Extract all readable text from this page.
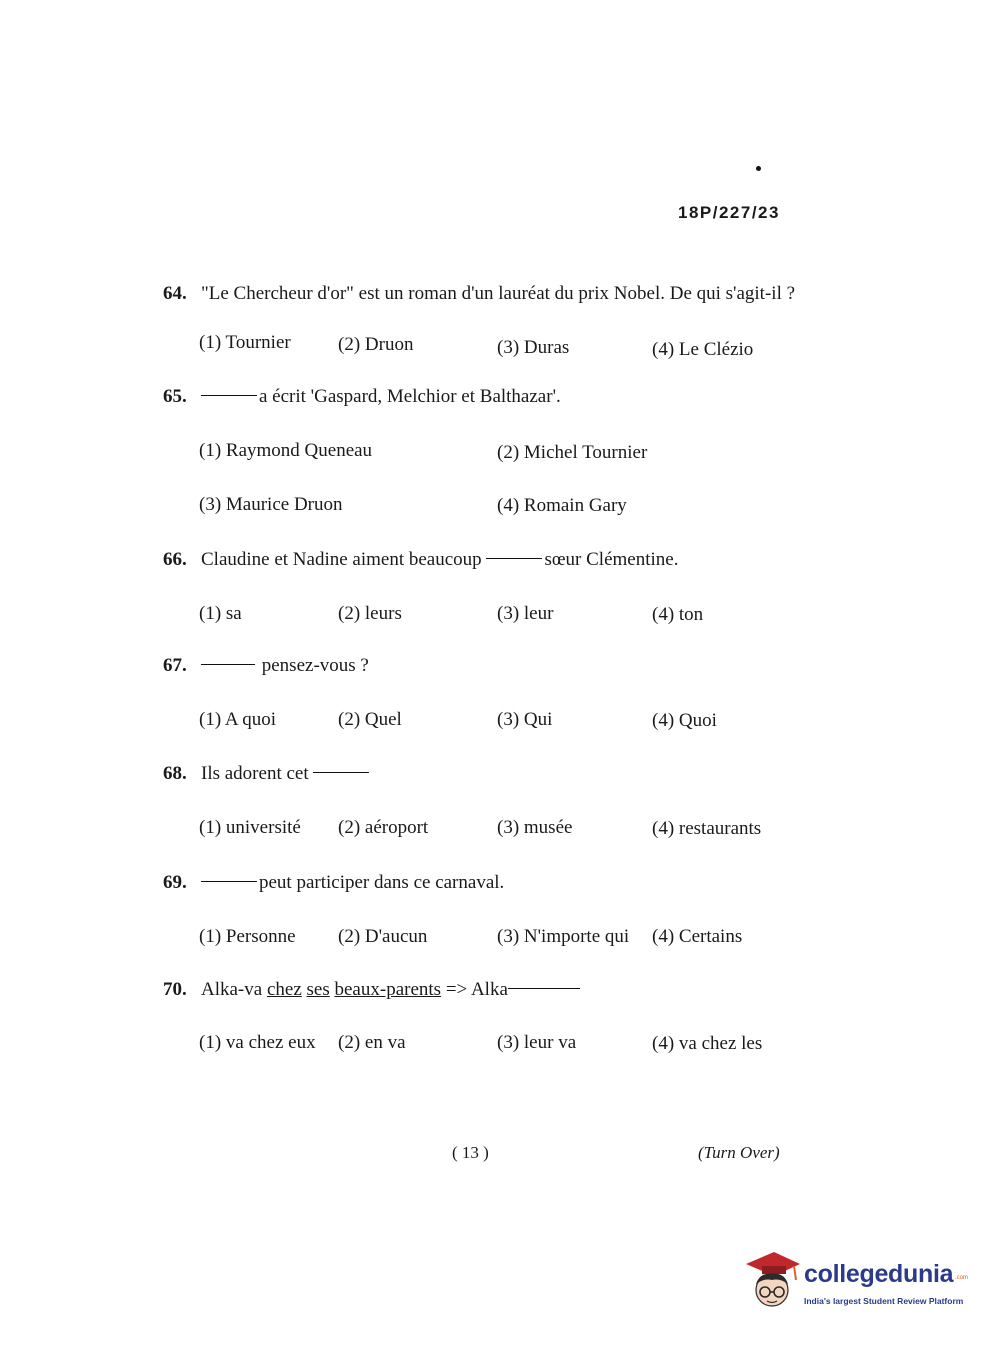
18P/227/23
64. "Le Chercheur d'or" est un roman d'un lauréat du prix Nobel. De qui s'agit-il ?
(1) Tournier (2) Druon	(3) Duras	(4) Le Clézio
65.	a écrit 'Gaspard, Melchior et Balthazar'.
(1) Raymond Queneau	(2) Michel Tournier
(3) Maurice Druon	(4) Romain Gary
66. Claudine et Nadine aiment beaucoup	sœur Clémentine.
(1) sa	(2) leurs	(3) leur	(4) ton
67.	pensez-vous ?
(1) A quoi	(2) Quel	(3) Qui	(4) Quoi
68. Ils adorent cet
(1) université (2) aéroport	(3) musée	(4) restaurants
69.	peut participer dans ce carnaval.
(1) Personne (2) D'aucun	(3) N'importe qui (4) Certains
70. Alka-va chez ses beaux-parents => Alka
(1) va chez eux (2) en va	(3) leur va	(4) va chez les
( 13 )	(Turn Over)
collegedunia .com
India's largest Student Review Platform
